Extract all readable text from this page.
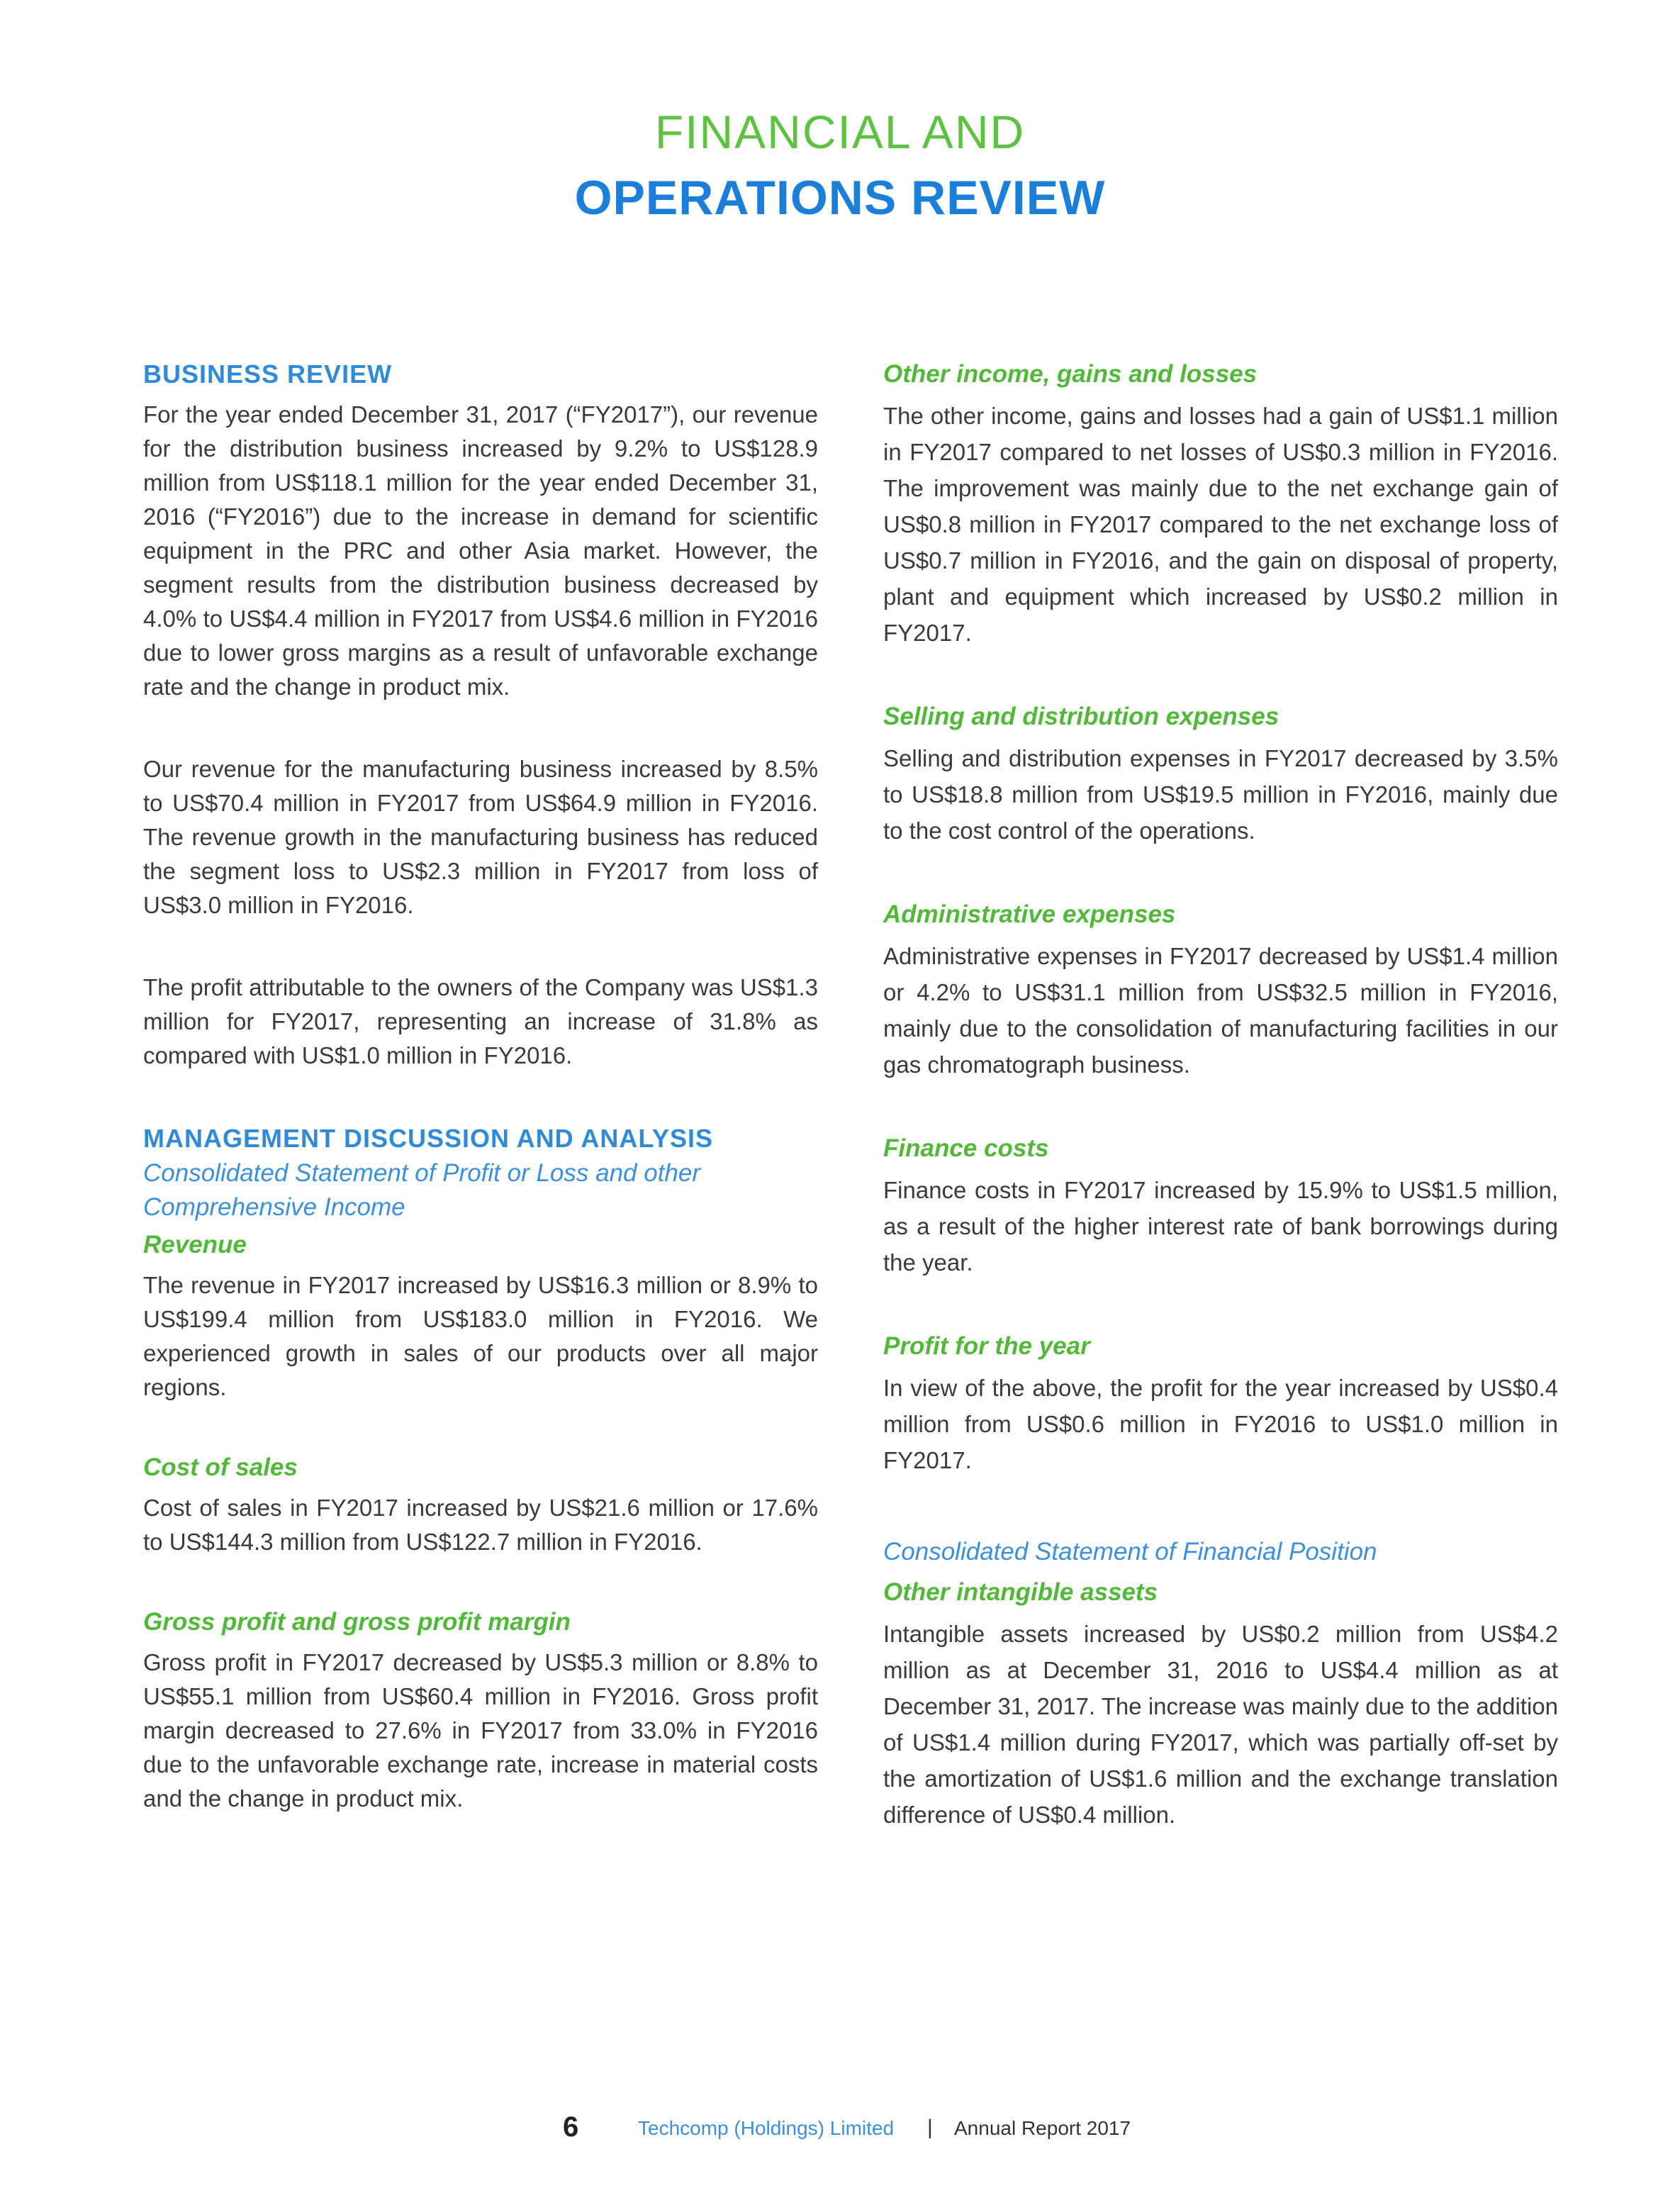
FINANCIAL AND
OPERATIONS REVIEW
BUSINESS REVIEW

For the year ended December 31, 2017 (“FY2017”), our revenue for the distribution business increased by 9.2% to US$128.9 million from US$118.1 million for the year ended December 31, 2016 (“FY2016”) due to the increase in demand for scientific equipment in the PRC and other Asia market. However, the segment results from the distribution business decreased by 4.0% to US$4.4 million in FY2017 from US$4.6 million in FY2016 due to lower gross margins as a result of unfavorable exchange rate and the change in product mix.

Our revenue for the manufacturing business increased by 8.5% to US$70.4 million in FY2017 from US$64.9 million in FY2016. The revenue growth in the manufacturing business has reduced the segment loss to US$2.3 million in FY2017 from loss of US$3.0 million in FY2016.

The profit attributable to the owners of the Company was US$1.3 million for FY2017, representing an increase of 31.8% as compared with US$1.0 million in FY2016.

MANAGEMENT DISCUSSION AND ANALYSIS
Consolidated Statement of Profit or Loss and other Comprehensive Income
Revenue

The revenue in FY2017 increased by US$16.3 million or 8.9% to US$199.4 million from US$183.0 million in FY2016. We experienced growth in sales of our products over all major regions.

Cost of sales

Cost of sales in FY2017 increased by US$21.6 million or 17.6% to US$144.3 million from US$122.7 million in FY2016.

Gross profit and gross profit margin

Gross profit in FY2017 decreased by US$5.3 million or 8.8% to US$55.1 million from US$60.4 million in FY2016. Gross profit margin decreased to 27.6% in FY2017 from 33.0% in FY2016 due to the unfavorable exchange rate, increase in material costs and the change in product mix.

Other income, gains and losses

The other income, gains and losses had a gain of US$1.1 million in FY2017 compared to net losses of US$0.3 million in FY2016. The improvement was mainly due to the net exchange gain of US$0.8 million in FY2017 compared to the net exchange loss of US$0.7 million in FY2016, and the gain on disposal of property, plant and equipment which increased by US$0.2 million in FY2017.

Selling and distribution expenses

Selling and distribution expenses in FY2017 decreased by 3.5% to US$18.8 million from US$19.5 million in FY2016, mainly due to the cost control of the operations.

Administrative expenses

Administrative expenses in FY2017 decreased by US$1.4 million or 4.2% to US$31.1 million from US$32.5 million in FY2016, mainly due to the consolidation of manufacturing facilities in our gas chromatograph business.

Finance costs

Finance costs in FY2017 increased by 15.9% to US$1.5 million, as a result of the higher interest rate of bank borrowings during the year.

Profit for the year

In view of the above, the profit for the year increased by US$0.4 million from US$0.6 million in FY2016 to US$1.0 million in FY2017.

Consolidated Statement of Financial Position
Other intangible assets

Intangible assets increased by US$0.2 million from US$4.2 million as at December 31, 2016 to US$4.4 million as at December 31, 2017. The increase was mainly due to the addition of US$1.4 million during FY2017, which was partially off-set by the amortization of US$1.6 million and the exchange translation difference of US$0.4 million.

6	Techcomp (Holdings) Limited | Annual Report 2017
